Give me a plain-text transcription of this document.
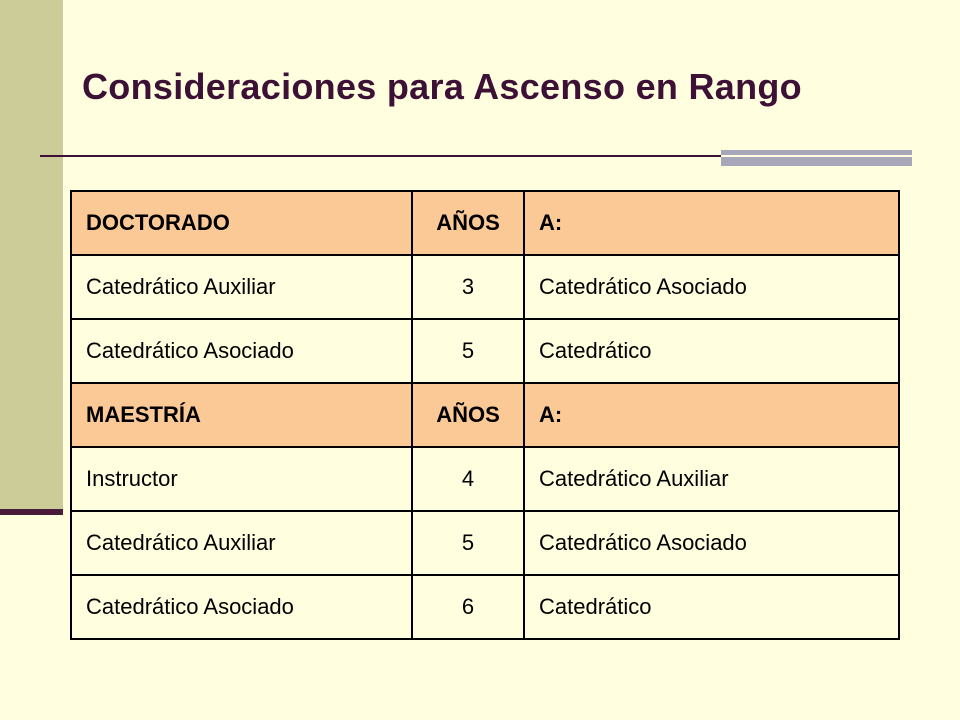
Consideraciones para Ascenso en Rango
DOCTORADO	AÑOS	A:
Catedrático Auxiliar	3	Catedrático Asociado
Catedrático Asociado	5	Catedrático
MAESTRÍA	AÑOS	A:
Instructor	4	Catedrático Auxiliar
Catedrático Auxiliar	5	Catedrático Asociado
Catedrático Asociado	6	Catedrático
